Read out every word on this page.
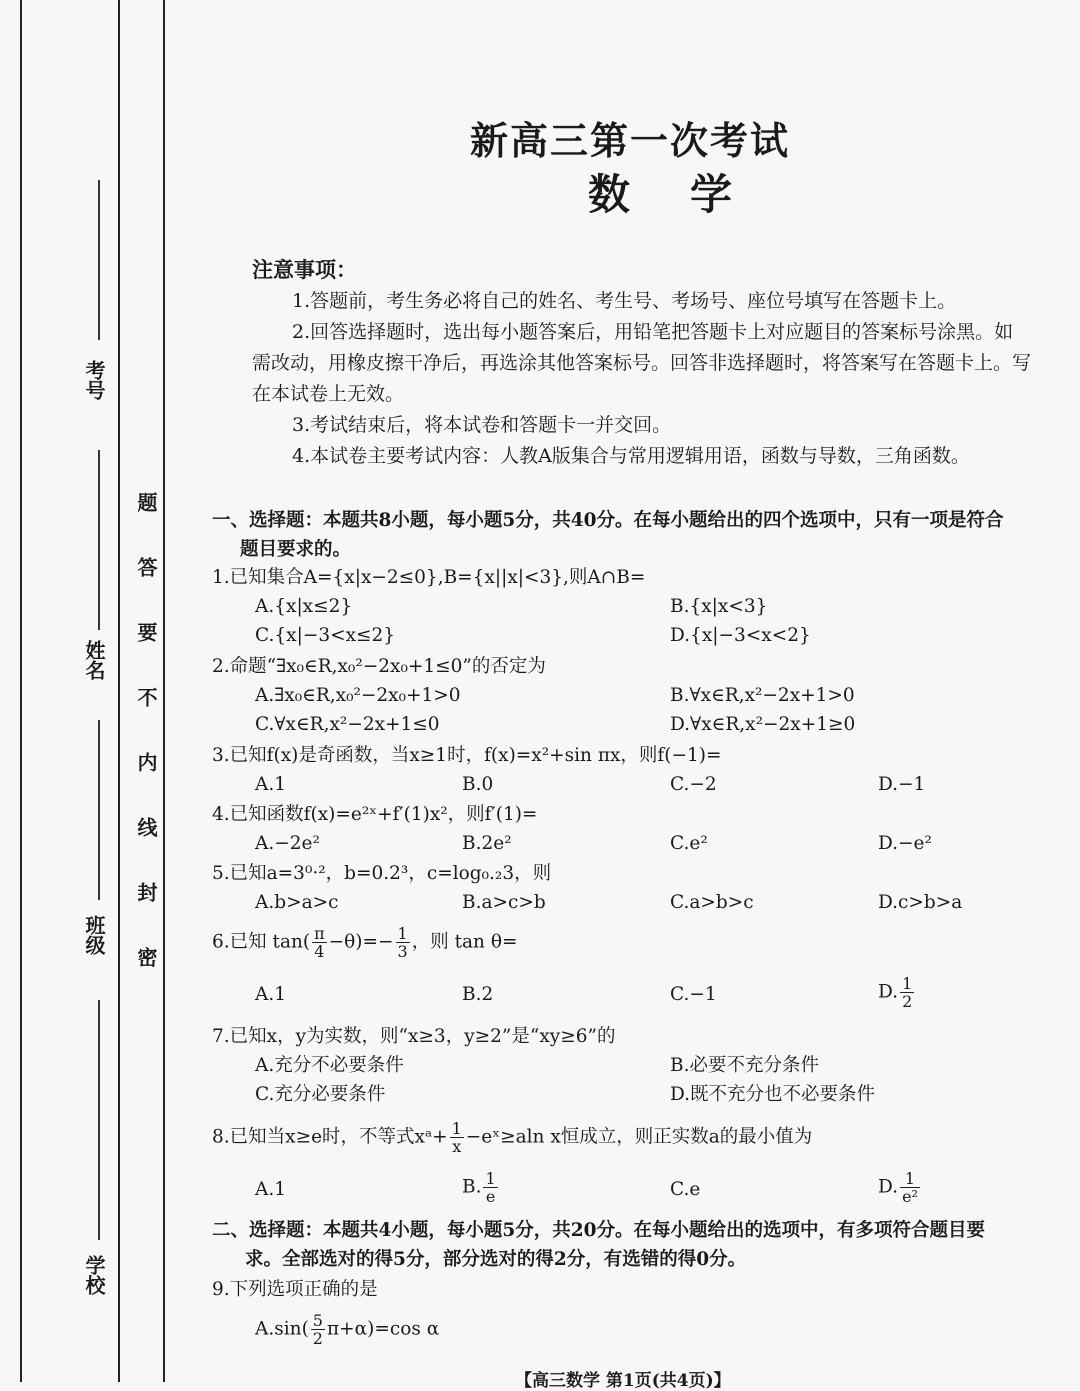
考号
姓名
班级
学校
题
答
要
不
内
线
封
密
新高三第一次考试
数学
注意事项：
1.答题前，考生务必将自己的姓名、考生号、考场号、座位号填写在答题卡上。
2.回答选择题时，选出每小题答案后，用铅笔把答题卡上对应题目的答案标号涂黑。如需改动，用橡皮擦干净后，再选涂其他答案标号。回答非选择题时，将答案写在答题卡上。写在本试卷上无效。
3.考试结束后，将本试卷和答题卡一并交回。
4.本试卷主要考试内容：人教A版集合与常用逻辑用语，函数与导数，三角函数。
一、选择题：本题共8小题，每小题5分，共40分。在每小题给出的四个选项中，只有一项是符合
题目要求的。
1.已知集合A={x|x−2≤0},B={x||x|<3},则A∩B=
A.{x|x≤2}	B.{x|x<3}
C.{x|−3<x≤2}	D.{x|−3<x<2}
2.命题“∃x₀∈R,x₀²−2x₀+1≤0”的否定为
A.∃x₀∈R,x₀²−2x₀+1>0	B.∀x∈R,x²−2x+1>0
C.∀x∈R,x²−2x+1≤0	D.∀x∈R,x²−2x+1≥0
3.已知f(x)是奇函数，当x≥1时，f(x)=x²+sin πx，则f(−1)=
A.1	B.0	C.−2	D.−1
4.已知函数f(x)=e²ˣ+f′(1)x²，则f′(1)=
A.−2e²	B.2e²	C.e²	D.−e²
5.已知a=3⁰·²，b=0.2³，c=log₀.₂3，则
A.b>a>c	B.a>c>b	C.a>b>c	D.c>b>a
6.已知 $\tan( \frac{\pi}{4} -\theta)=- \frac{1}{3}$ ，则 tan θ=
A.1	B.2	C.−1	D. $\frac{1}{2}$
7.已知x，y为实数，则“x≥3，y≥2”是“xy≥6”的
A.充分不必要条件	B.必要不充分条件
C.充分必要条件	D.既不充分也不必要条件
8.已知当x≥e时，不等式xᵃ+ $\frac{1}{x}$ −eˣ≥aln x恒成立，则正实数a的最小值为
A.1	B. $\frac{1}{e}$	C.e	D. $\frac{1}{\text{e²}}$
二、选择题：本题共4小题，每小题5分，共20分。在每小题给出的选项中，有多项符合题目要
求。全部选对的得5分，部分选对的得2分，有选错的得0分。
9.下列选项正确的是
$A.\sin( \frac{5}{2} \pi+\alpha)=\cos$ α
【高三数学 第1页(共4页)】
